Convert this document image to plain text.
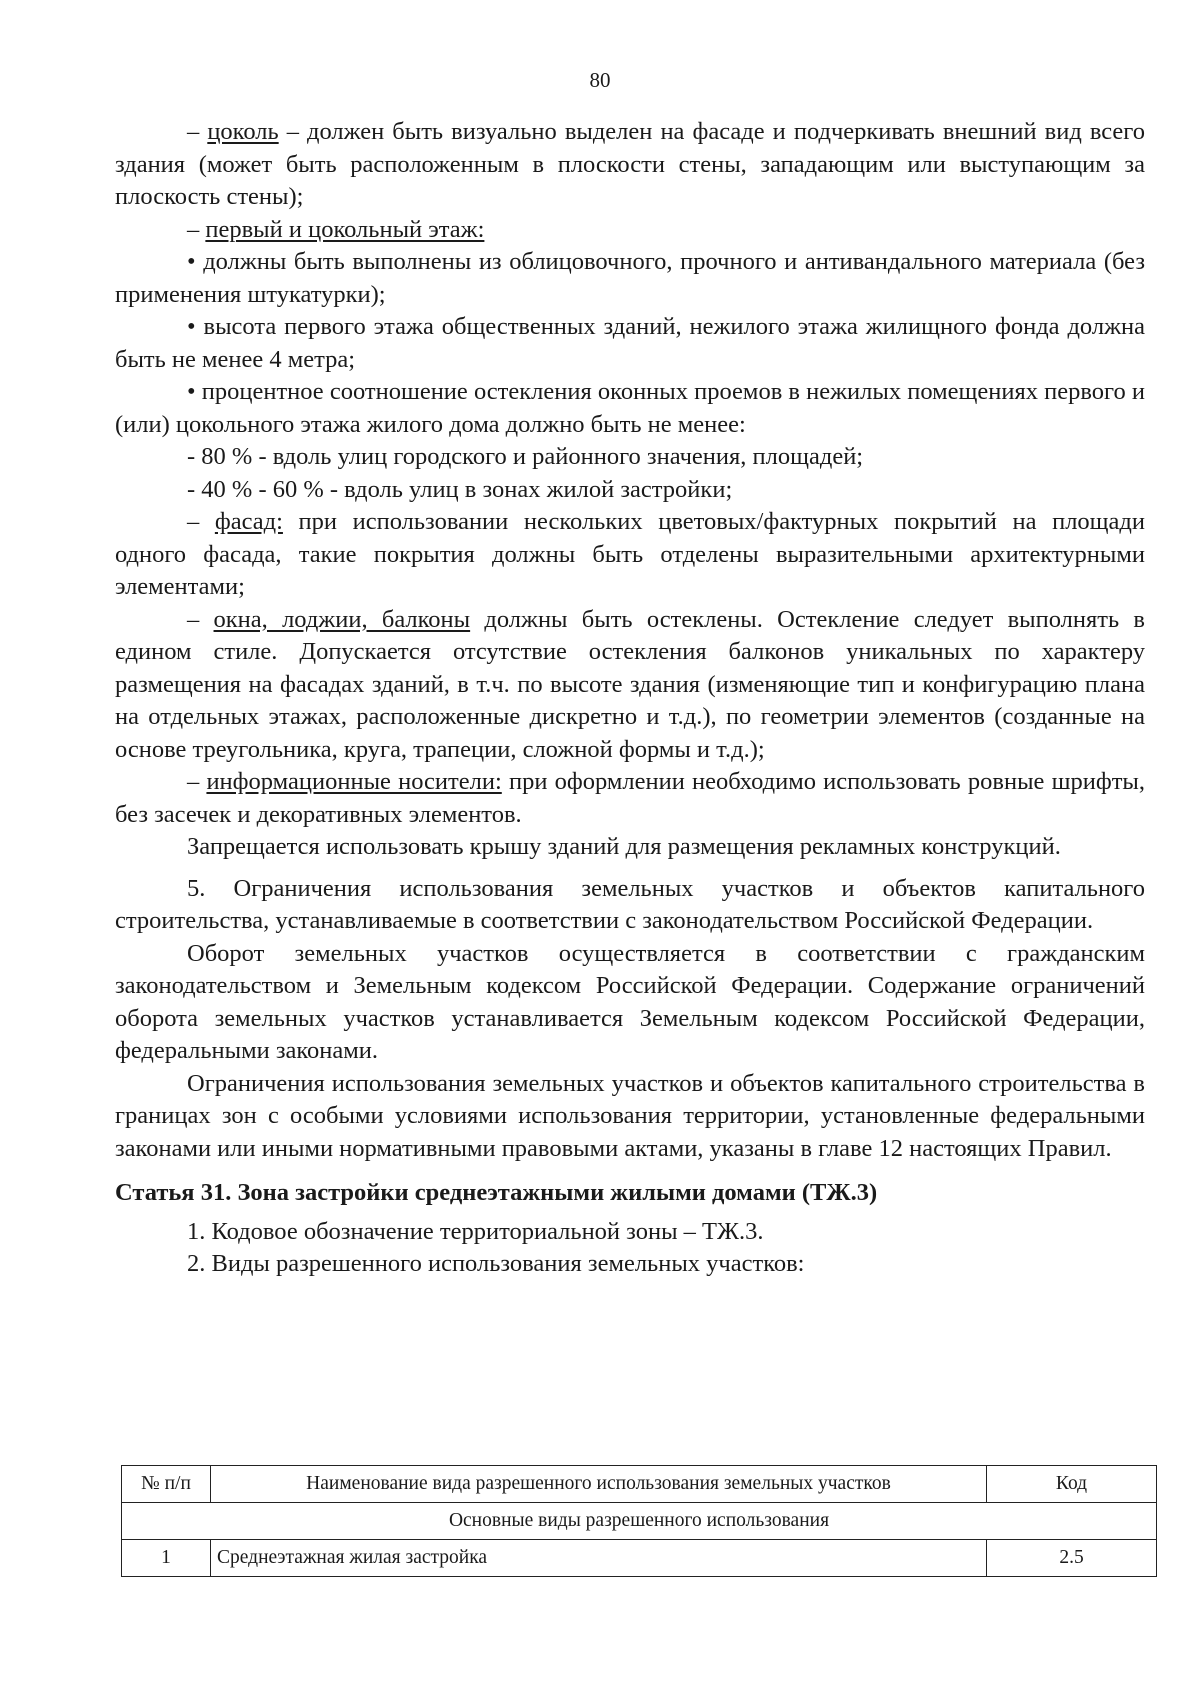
80

– цоколь – должен быть визуально выделен на фасаде и подчеркивать внешний вид всего здания (может быть расположенным в плоскости стены, западающим или выступающим за плоскость стены);

– первый и цокольный этаж:

• должны быть выполнены из облицовочного, прочного и антивандального материала (без применения штукатурки);

• высота первого этажа общественных зданий, нежилого этажа жилищного фонда должна быть не менее 4 метра;

• процентное соотношение остекления оконных проемов в нежилых помещениях первого и (или) цокольного этажа жилого дома должно быть не менее:

- 80 % - вдоль улиц городского и районного значения, площадей;

- 40 % - 60 % - вдоль улиц в зонах жилой застройки;

– фасад: при использовании нескольких цветовых/фактурных покрытий на площади одного фасада, такие покрытия должны быть отделены выразительными архитектурными элементами;

– окна, лоджии, балконы должны быть остеклены. Остекление следует выполнять в едином стиле. Допускается отсутствие остекления балконов уникальных по характеру размещения на фасадах зданий, в т.ч. по высоте здания (изменяющие тип и конфигурацию плана на отдельных этажах, расположенные дискретно и т.д.), по геометрии элементов (созданные на основе треугольника, круга, трапеции, сложной формы и т.д.);

– информационные носители: при оформлении необходимо использовать ровные шрифты, без засечек и декоративных элементов.

Запрещается использовать крышу зданий для размещения рекламных конструкций.

5. Ограничения использования земельных участков и объектов капитального строительства, устанавливаемые в соответствии с законодательством Российской Федерации.

Оборот земельных участков осуществляется в соответствии с гражданским законодательством и Земельным кодексом Российской Федерации. Содержание ограничений оборота земельных участков устанавливается Земельным кодексом Российской Федерации, федеральными законами.

Ограничения использования земельных участков и объектов капитального строительства в границах зон с особыми условиями использования территории, установленные федеральными законами или иными нормативными правовыми актами, указаны в главе 12 настоящих Правил.

Статья 31. Зона застройки среднеэтажными жилыми домами (ТЖ.3)

1. Кодовое обозначение территориальной зоны – ТЖ.3.

2. Виды разрешенного использования земельных участков:

№ п/п	Наименование вида разрешенного использования земельных участков	Код
Основные виды разрешенного использования		
1	Среднеэтажная жилая застройка	2.5
